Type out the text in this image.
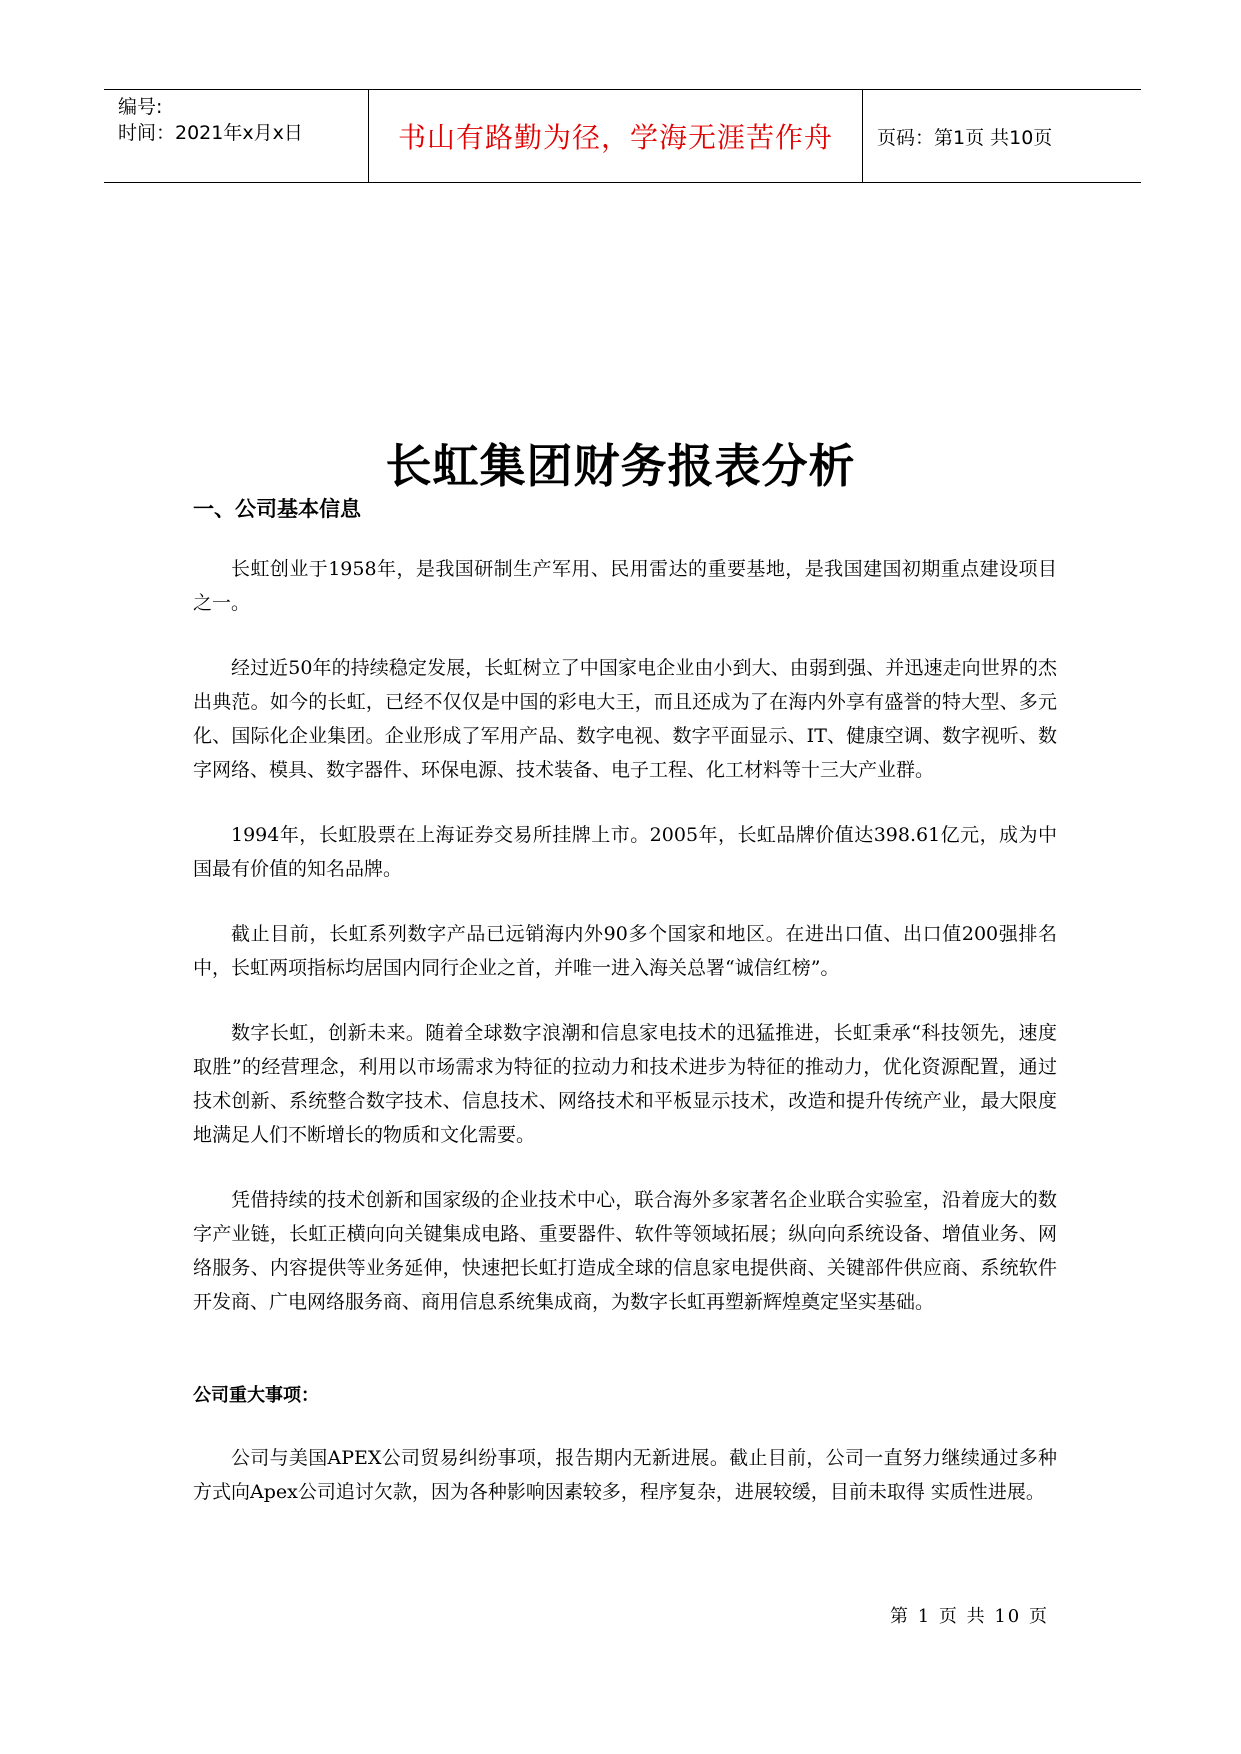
编号:
时间：2021年x月x日	书山有路勤为径，学海无涯苦作舟 页码：第1页 共10页
长虹集团财务报表分析
一、公司基本信息

长虹创业于1958年，是我国研制生产军用、民用雷达的重要基地，是我国建国初期重点建设项目之一。

经过近50年的持续稳定发展，长虹树立了中国家电企业由小到大、由弱到强、并迅速走向世界的杰出典范。如今的长虹，已经不仅仅是中国的彩电大王，而且还成为了在海内外享有盛誉的特大型、多元化、国际化企业集团。企业形成了军用产品、数字电视、数字平面显示、IT、健康空调、数字视听、数字网络、模具、数字器件、环保电源、技术装备、电子工程、化工材料等十三大产业群。

1994年，长虹股票在上海证券交易所挂牌上市。2005年，长虹品牌价值达398.61亿元，成为中国最有价值的知名品牌。

截止目前，长虹系列数字产品已远销海内外90多个国家和地区。在进出口值、出口值200强排名中，长虹两项指标均居国内同行企业之首，并唯一进入海关总署“诚信红榜”。

数字长虹，创新未来。随着全球数字浪潮和信息家电技术的迅猛推进，长虹秉承“科技领先，速度取胜”的经营理念，利用以市场需求为特征的拉动力和技术进步为特征的推动力，优化资源配置，通过技术创新、系统整合数字技术、信息技术、网络技术和平板显示技术，改造和提升传统产业，最大限度地满足人们不断增长的物质和文化需要。

凭借持续的技术创新和国家级的企业技术中心，联合海外多家著名企业联合实验室，沿着庞大的数字产业链，长虹正横向向关键集成电路、重要器件、软件等领域拓展；纵向向系统设备、增值业务、网络服务、内容提供等业务延伸，快速把长虹打造成全球的信息家电提供商、关键部件供应商、系统软件开发商、广电网络服务商、商用信息系统集成商，为数字长虹再塑新辉煌奠定坚实基础。

公司重大事项：

公司与美国APEX公司贸易纠纷事项，报告期内无新进展。截止目前，公司一直努力继续通过多种方式向Apex公司追讨欠款，因为各种影响因素较多，程序复杂，进展较缓，目前未取得 实质性进展。

第 1 页 共 10 页
